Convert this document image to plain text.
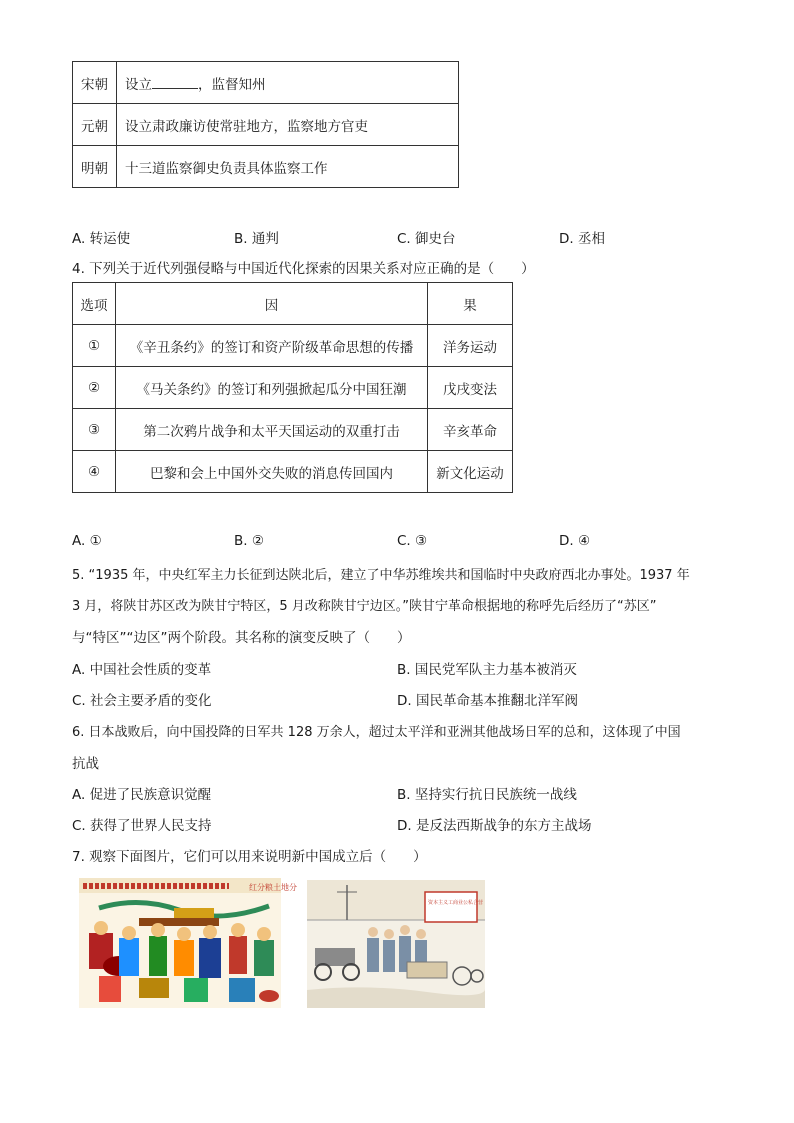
宋朝	设立 ，监督知州
元朝	设立肃政廉访使常驻地方，监察地方官吏
明朝	十三道监察御史负责具体监察工作
A. 转运使	B. 通判	C. 御史台	D. 丞相
4. 下列关于近代列强侵略与中国近代化探索的因果关系对应正确的是（　　）
选项	因	果
①	《辛丑条约》的签订和资产阶级革命思想的传播	洋务运动
②	《马关条约》的签订和列强掀起瓜分中国狂潮	戊戌变法
③	第二次鸦片战争和太平天国运动的双重打击	辛亥革命
④	巴黎和会上中国外交失败的消息传回国内	新文化运动
A. ①	B. ②	C. ③	D. ④
5. “1935 年，中央红军主力长征到达陕北后，建立了中华苏维埃共和国临时中央政府西北办事处。1937 年
3 月，将陕甘苏区改为陕甘宁特区，5 月改称陕甘宁边区。”陕甘宁革命根据地的称呼先后经历了“苏区”
与“特区”“边区”两个阶段。其名称的演变反映了（　　）
A. 中国社会性质的变革	B. 国民党军队主力基本被消灭
C. 社会主要矛盾的变化	D. 国民革命基本推翻北洋军阀
6. 日本战败后，向中国投降的日军共 128 万余人，超过太平洋和亚洲其他战场日军的总和，这体现了中国
抗战
A. 促进了民族意识觉醒	B. 坚持实行抗日民族统一战线
C. 获得了世界人民支持	D. 是反法西斯战争的东方主战场
7. 观察下面图片，它们可以用来说明新中国成立后（　　）
红分粮土地分
资本主义工商业公私合营
